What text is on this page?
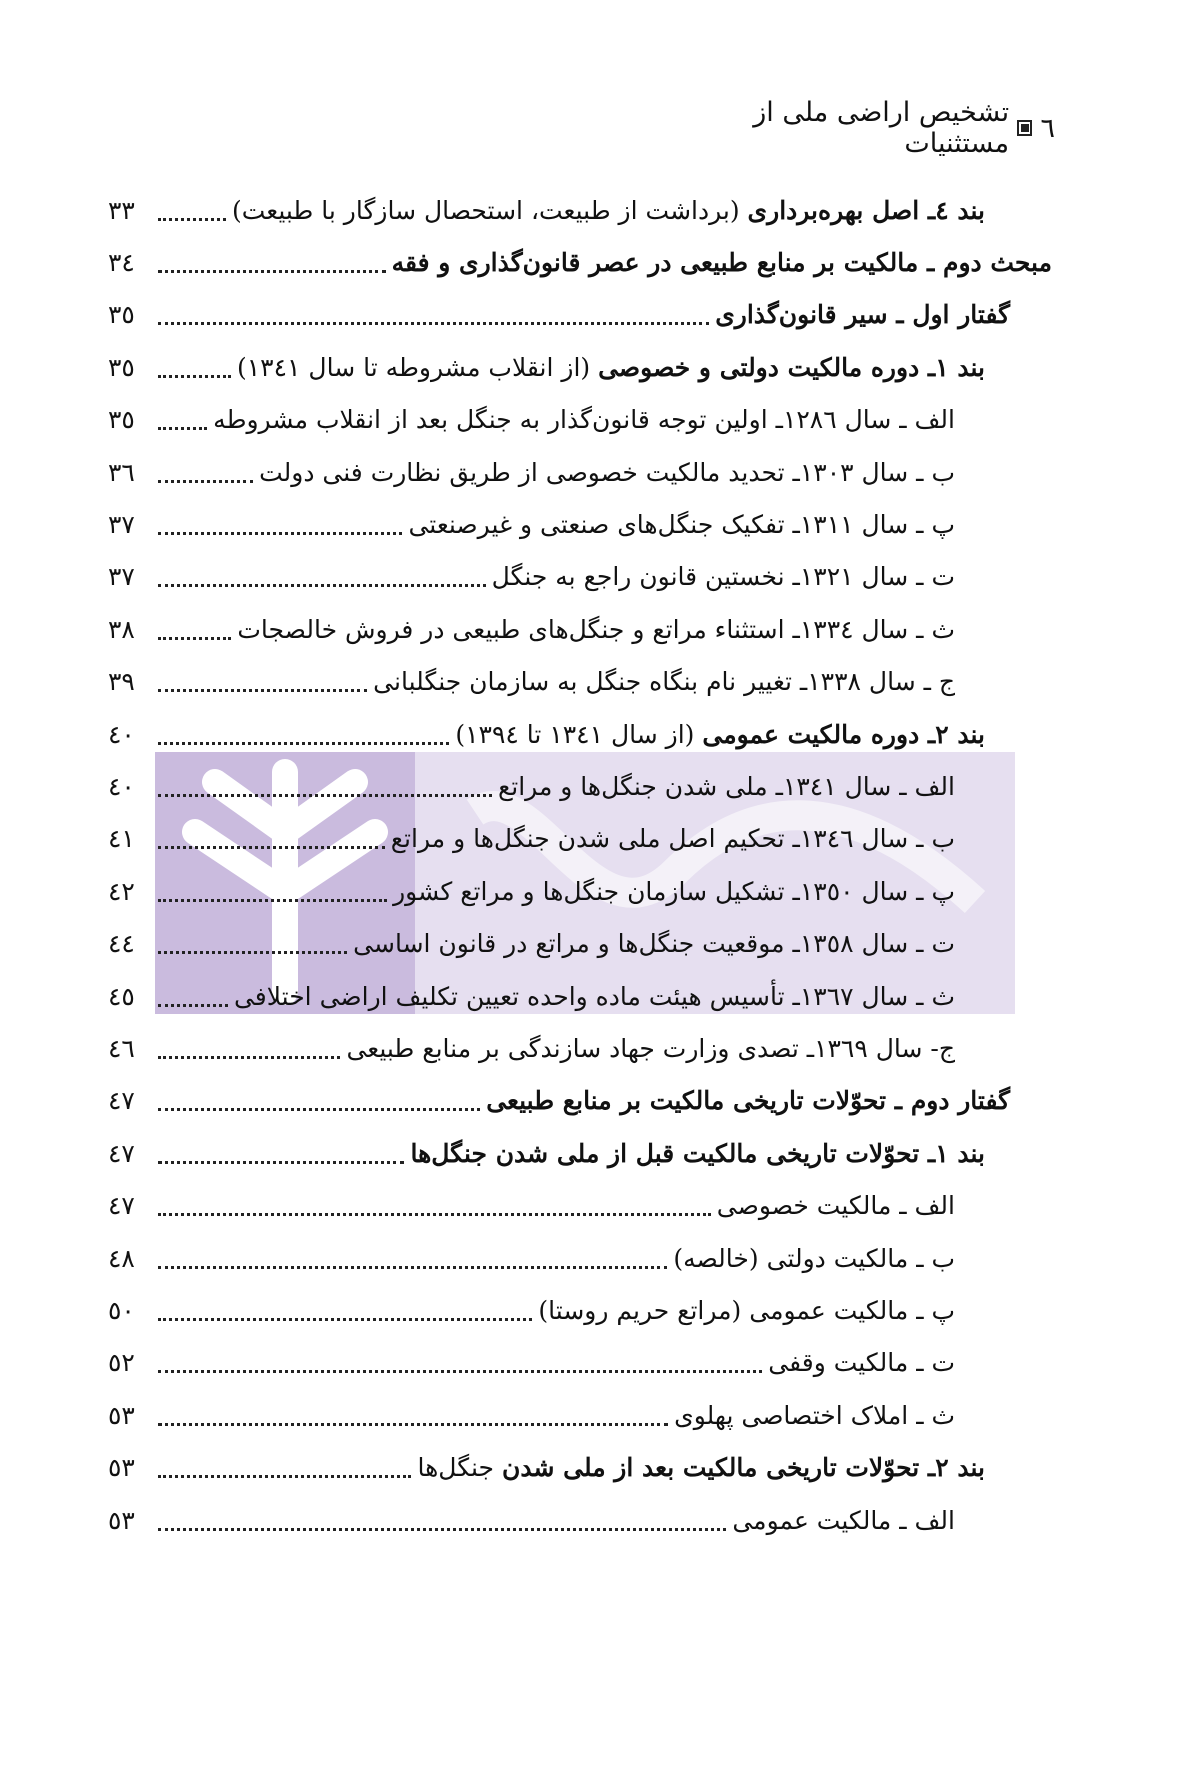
٦
تشخیص اراضی ملی از مستثنیات
بند ٤ـ اصل بهره‌برداری (برداشت از طبیعت، استحصال سازگار با طبیعت)
٣٣
مبحث دوم ـ مالکیت بر منابع طبیعی در عصر قانون‌گذاری و فقه
٣٤
گفتار اول ـ سیر قانون‌گذاری
٣٥
بند ١ـ دوره مالکیت دولتی و خصوصی (از انقلاب مشروطه تا سال ١٣٤١)
٣٥
الف ـ سال ١٢٨٦ـ اولین توجه قانون‌گذار به جنگل بعد از انقلاب مشروطه
٣٥
ب ـ سال ١٣٠٣ـ تحدید مالکیت خصوصی از طریق نظارت فنی دولت
٣٦
پ ـ سال ١٣١١ـ تفکیک جنگل‌های صنعتی و غیرصنعتی
٣٧
ت ـ سال ١٣٢١ـ نخستین قانون راجع به جنگل
٣٧
ث ـ سال ١٣٣٤ـ استثناء مراتع و جنگل‌های طبیعی در فروش خالصجات
٣٨
ج ـ سال ١٣٣٨ـ تغییر نام بنگاه جنگل به سازمان جنگلبانی
٣٩
بند ٢ـ دوره مالکیت عمومی (از سال ١٣٤١ تا ١٣٩٤)
٤٠
الف ـ سال ١٣٤١ـ ملی شدن جنگل‌ها و مراتع
٤٠
ب ـ سال ١٣٤٦ـ تحکیم اصل ملی شدن جنگل‌ها و مراتع
٤١
پ ـ سال ١٣٥٠ـ تشکیل سازمان جنگل‌ها و مراتع کشور
٤٢
ت ـ سال ١٣٥٨ـ موقعیت جنگل‌ها و مراتع در قانون اساسی
٤٤
ث ـ سال ١٣٦٧ـ تأسیس هیئت ماده واحده تعیین تکلیف اراضی اختلافی
٤٥
ج- سال ١٣٦٩ـ تصدی وزارت جهاد سازندگی بر منابع طبیعی
٤٦
گفتار دوم ـ تحوّلات تاریخی مالکیت بر منابع طبیعی
٤٧
بند ١ـ تحوّلات تاریخی مالکیت قبل از ملی شدن جنگل‌ها
٤٧
الف ـ مالکیت خصوصی
٤٧
ب ـ مالکیت دولتی (خالصه)
٤٨
پ ـ مالکیت عمومی (مراتع حریم روستا)
٥٠
ت ـ مالکیت وقفی
٥٢
ث ـ املاک اختصاصی پهلوی
٥٣
بند ٢ـ تحوّلات تاریخی مالکیت بعد از ملی شدن جنگل‌ها
٥٣
الف ـ مالکیت عمومی
٥٣
